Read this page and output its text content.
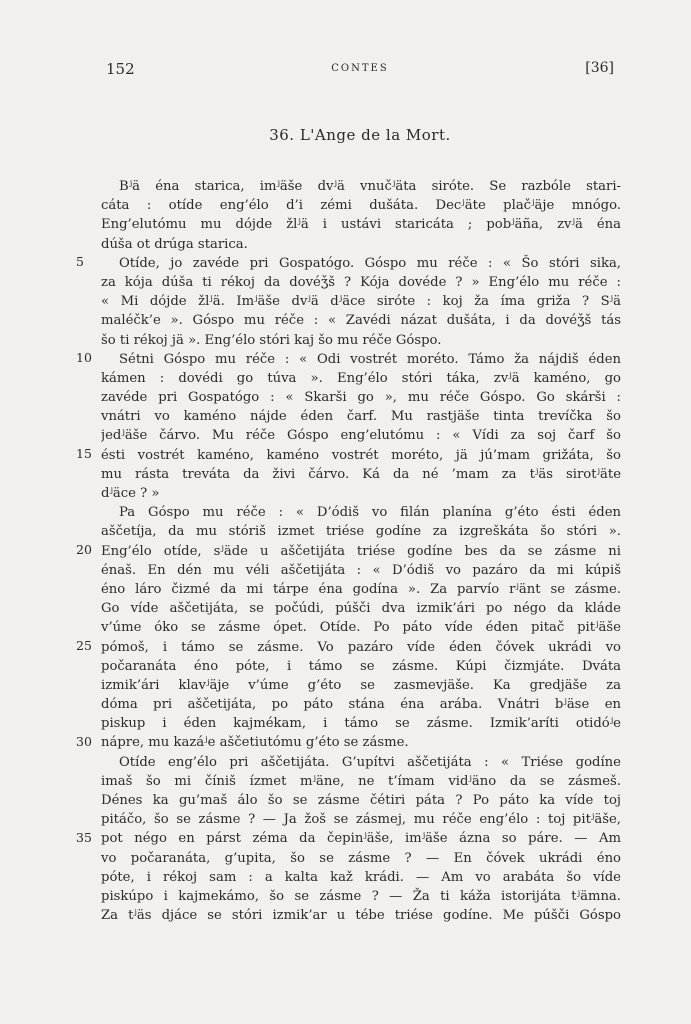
152	CONTES	[36]
36. L'Ange de la Mort.
Bʲä éna starica, imʲäše dvʲä vnučʲäta siróte. Se razbóle stari-
cáta : otíde eng’élo d’i zémi dušáta. Decʲäte plačʲäje mnógo.
Eng’elutómu mu dójde žlʲä i ustávi staricáta ; pobʲäña, zvʲä éna
dúša ot drúga starica.
Otíde, jo zavéde pri Gospatógo. Góspo mu réče : « Šo stóri sika,
za kója dúša ti rékoj da dovéǯš ? Kója dovéde ? » Eng’élo mu réče :
« Mi dójde žlʲä. Imʲäše dvʲä dʲäce siróte : koj ža íma griža ? Sʲä
maléčk’e ». Góspo mu réče : « Zavédi názat dušáta, i da dovéǯš tás
šo ti rékoj jä ». Eng’élo stóri kaj šo mu réče Góspo.
Sétni Góspo mu réče : « Odi vostrét moréto. Támo ža nájdiš éden
kámen : dovédi go túva ». Eng’élo stóri táka, zvʲä kaméno, go
zavéde pri Gospatógo : « Skarši go », mu réče Góspo. Go skárši :
vnátri vo kaméno nájde éden čarf. Mu rastjäše tinta trevíčka šo
jedʲäše čárvo. Mu réče Góspo eng’elutómu : « Vídi za soj čarf šo
ésti vostrét kaméno, kaméno vostrét moréto, jä jú’mam grižáta, šo
mu rásta treváta da živi čárvo. Ká da né ’mam za tʲäs sirotʲäte
dʲäce ? »
Pa Góspo mu réče : « D’ódiš vo filán planína g’éto ésti éden
aščetíja, da mu stóriš izmet triése godíne za izgreškáta šo stóri ».
Eng’élo otíde, sʲäde u aščetijáta triése godíne bes da se zásme ni
énaš. En dén mu véli aščetijáta : « D’ódiš vo pazáro da mi kúpiš
éno láro čizmé da mi tárpe éna godína ». Za parvío rʲänt se zásme.
Go víde aščetijáta, se počúdi, púšči dva izmik’ári po négo da kláde
v’úme óko se zásme ópet. Otíde. Po páto víde éden pitač pitʲäše
pómoš, i támo se zásme. Vo pazáro víde éden čóvek ukrádi vo
počaranáta éno póte, i támo se zásme. Kúpi čizmjáte. Dváta
izmik’ári klavʲäje v’úme g’éto se zasmevjäše. Ka gredjäše za
dóma pri aščetijáta, po páto stána éna arába. Vnátri bʲäse en
piskup i éden kajmékam, i támo se zásme. Izmik’aríti otidóʲe
nápre, mu kazáʲe aščetiutómu g’éto se zásme.
Otíde eng’élo pri aščetijáta. G’upítvi aščetijáta : « Triése godíne
imaš šo mi číniš ízmet mʲäne, ne t’ímam vidʲäno da se zásmeš.
Dénes ka gu’maš álo šo se zásme čétiri páta ? Po páto ka víde toj
pitáčo, šo se zásme ? — Ja žoš se zásmej, mu réče eng’élo : toj pitʲäše,
pot négo en párst zéma da čepinʲäše, imʲäše ázna so páre. — Am
vo počaranáta, g’upita, šo se zásme ? — En čóvek ukrádi éno
póte, i rékoj sam : a kalta kaž krádi. — Am vo arabáta šo víde
piskúpo i kajmekámo, šo se zásme ? — Ža ti káža istorijáta tʲämna.
Za tʲäs djáce se stóri izmik’ar u tébe triése godíne. Me púšči Góspo
5
10
15
20
25
30
35
